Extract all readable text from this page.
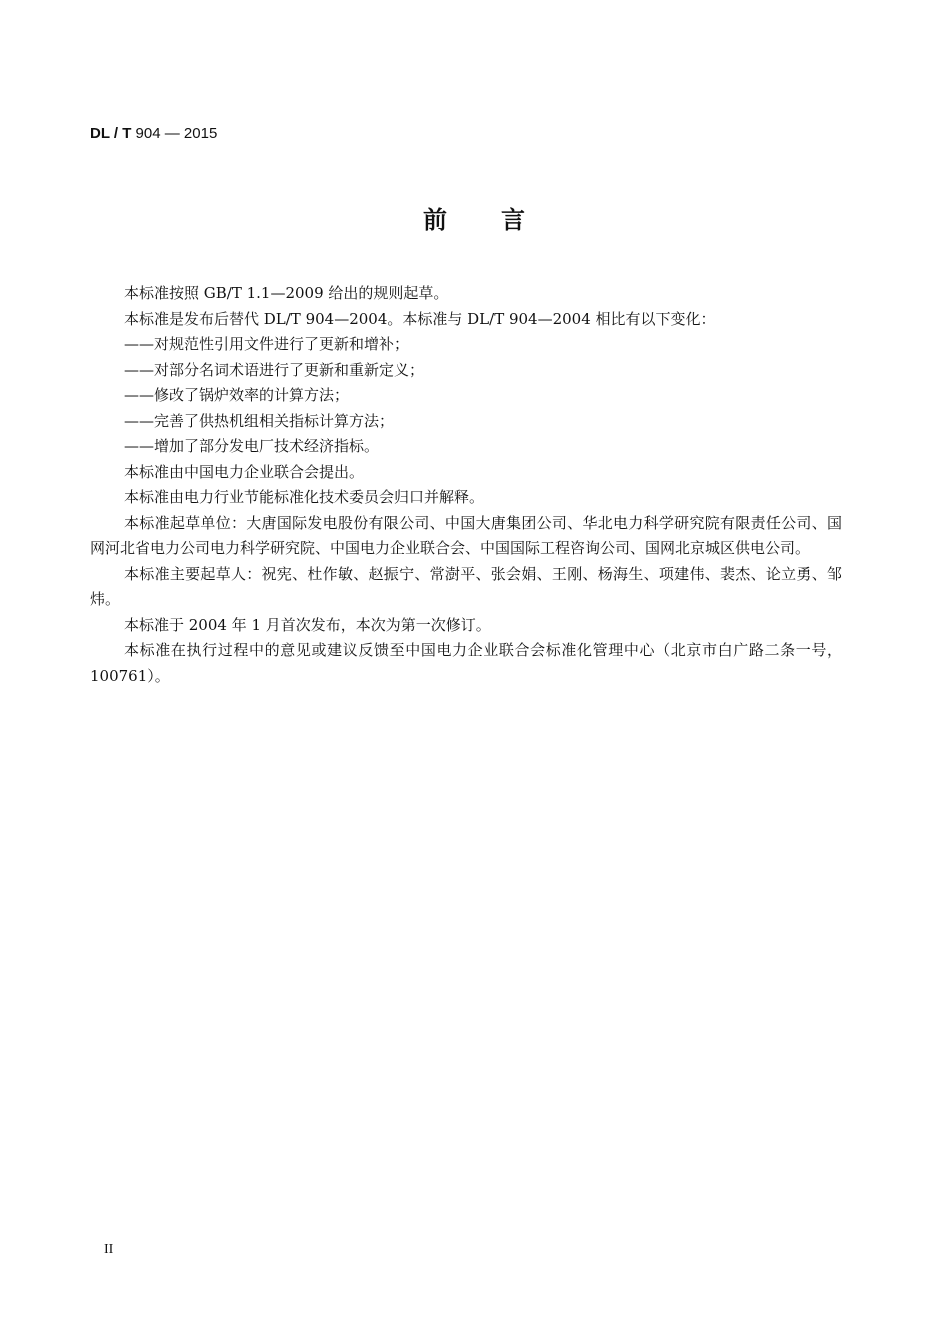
DL / T 904 — 2015
前　　言

本标准按照 GB/T 1.1—2009 给出的规则起草。

本标准是发布后替代 DL/T 904—2004。本标准与 DL/T 904—2004 相比有以下变化：

——对规范性引用文件进行了更新和增补；

——对部分名词术语进行了更新和重新定义；

——修改了锅炉效率的计算方法；

——完善了供热机组相关指标计算方法；

——增加了部分发电厂技术经济指标。

本标准由中国电力企业联合会提出。

本标准由电力行业节能标准化技术委员会归口并解释。

本标准起草单位：大唐国际发电股份有限公司、中国大唐集团公司、华北电力科学研究院有限责任公司、国网河北省电力公司电力科学研究院、中国电力企业联合会、中国国际工程咨询公司、国网北京城区供电公司。

本标准主要起草人：祝宪、杜作敏、赵振宁、常澍平、张会娟、王刚、杨海生、项建伟、裴杰、论立勇、邹炜。

本标准于 2004 年 1 月首次发布，本次为第一次修订。

本标准在执行过程中的意见或建议反馈至中国电力企业联合会标准化管理中心（北京市白广路二条一号，100761）。

II
